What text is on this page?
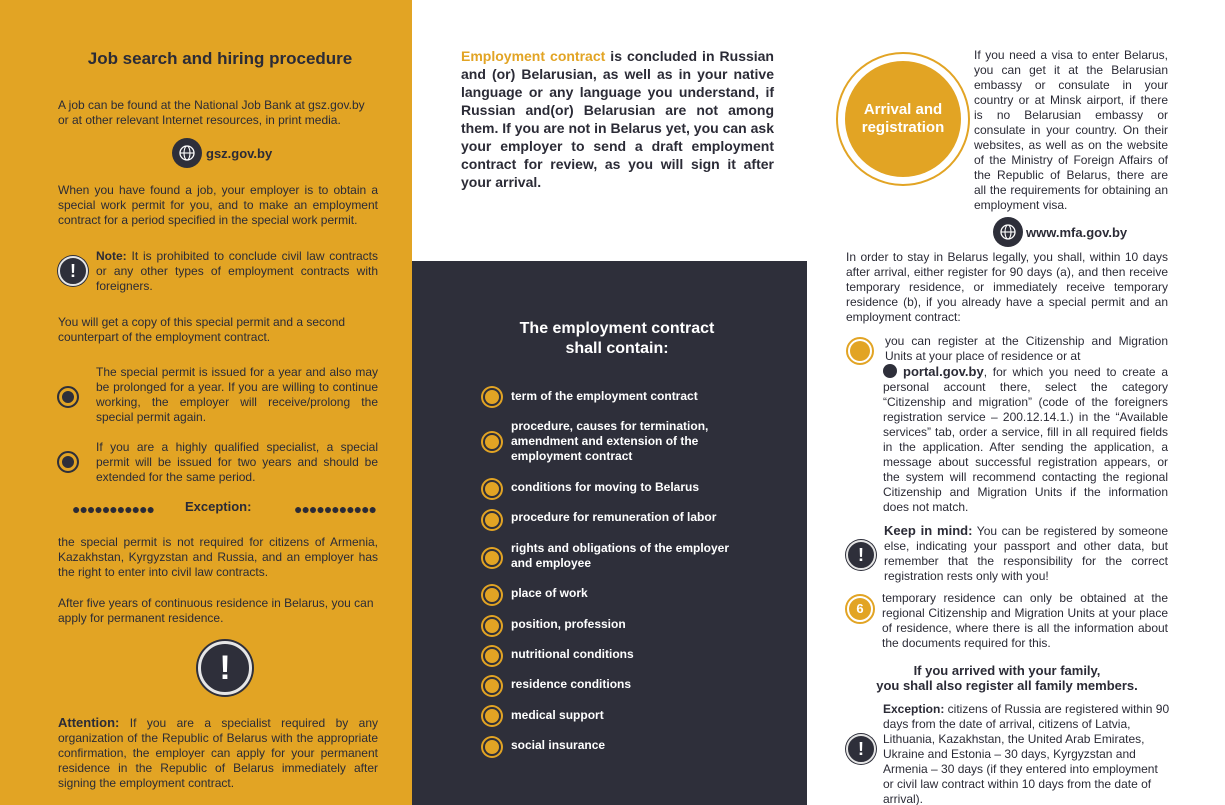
Job search and hiring procedure
A job can be found at the National Job Bank at gsz.gov.by or at other relevant Internet resources, in print media.
gsz.gov.by
When you have found a job, your employer is to obtain a special work permit for you, and to make an employment contract for a period specified in the special work permit.
!
Note: It is prohibited to conclude civil law contracts or any other types of employment contracts with foreigners.
You will get a copy of this special permit and a second counterpart of the employment contract.
The special permit is issued for a year and also may be prolonged for a year. If you are willing to continue working, the employer will receive/prolong the special permit again.
If you are a highly qualified specialist, a special permit will be issued for two years and should be extended for the same period.
●●●●●●●●●●● Exception:	●●●●●●●●●●●
the special permit is not required for citizens of Armenia, Kazakhstan, Kyrgyzstan and Russia, and an employer has the right to enter into civil law contracts.
After five years of continuous residence in Belarus, you can apply for permanent residence.
!
Attention: If you are a specialist required by any organization of the Republic of Belarus with the appropriate confirmation, the employer can apply for your permanent residence in the Republic of Belarus immediately after signing the employment contract.
Employment contract is concluded in Russian and (or) Belarusian, as well as in your native language or any language you understand, if Russian and(or) Belarusian are not among them. If you are not in Belarus yet, you can ask your employer to send a draft employment contract for review, as you will sign it after your arrival.
The employment contract shall contain:
term of the employment contract
procedure, causes for termination, amendment and extension of the employment contract
conditions for moving to Belarus
procedure for remuneration of labor
rights and obligations of the employer and employee
place of work
position, profession
nutritional conditions
residence conditions
medical support
social insurance
Arrival and registration
If you need a visa to enter Belarus, you can get it at the Belarusian embassy or consulate in your country or at Minsk airport, if there is no Belarusian embassy or consulate in your country. On their websites, as well as on the website of the Ministry of Foreign Affairs of the Republic of Belarus, there are all the requirements for obtaining an employment visa.
www.mfa.gov.by
In order to stay in Belarus legally, you shall, within 10 days after arrival, either register for 90 days (a), and then receive temporary residence, or immediately receive temporary residence (b), if you already have a special permit and an employment contract:
you can register at the Citizenship and Migration Units at your place of residence or at
portal.gov.by, for which you need to create a personal account there, select the category “Citizenship and migration” (code of the foreigners registration service – 200.12.14.1.) in the “Available services” tab, order a service, fill in all required fields in the application. After sending the application, a message about successful registration appears, or the system will recommend contacting the regional Citizenship and Migration Units if the information does not match.
!
Keep in mind: You can be registered by someone else, indicating your passport and other data, but remember that the responsibility for the correct registration rests only with you!
6
temporary residence can only be obtained at the regional Citizenship and Migration Units at your place of residence, where there is all the information about the documents required for this.
If you arrived with your family,
you shall also register all family members.
!
Exception: citizens of Russia are registered within 90 days from the date of arrival, citizens of Latvia, Lithuania, Kazakhstan, the United Arab Emirates, Ukraine and Estonia – 30 days, Kyrgyzstan and Armenia – 30 days (if they entered into employment or civil law contract within 10 days from the date of arrival).
